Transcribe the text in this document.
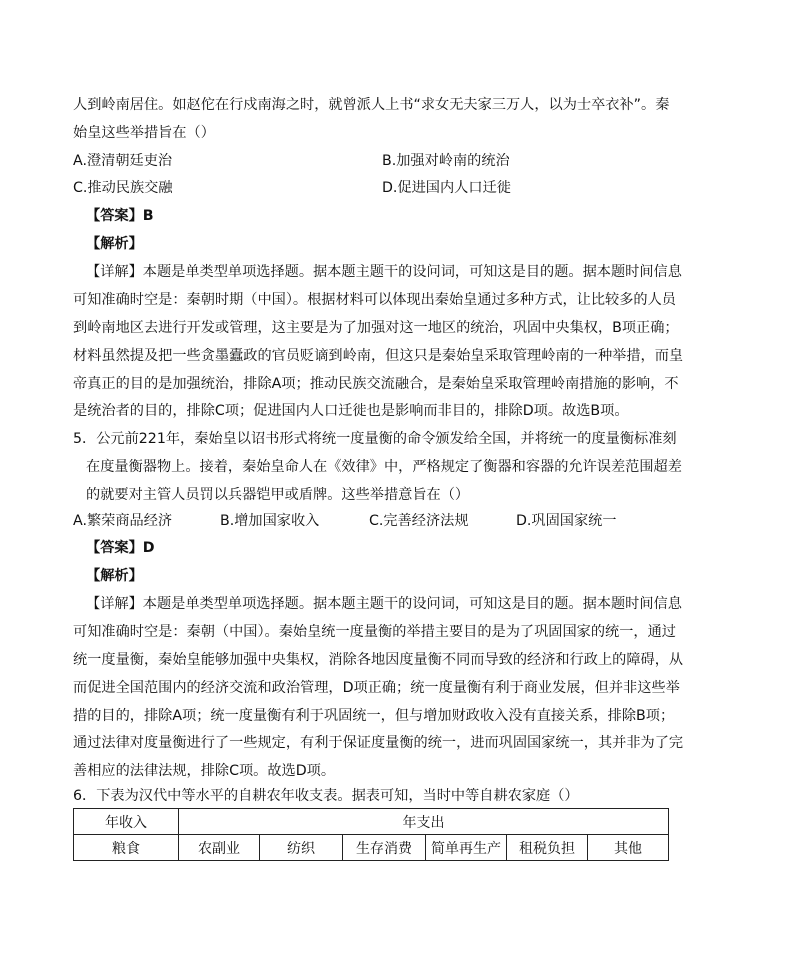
人到岭南居住。如赵佗在行戍南海之时，就曾派人上书“求女无夫家三万人，以为士卒衣补”。秦
始皇这些举措旨在（）
A.澄清朝廷吏治	B.加强对岭南的统治
C.推动民族交融	D.促进国内人口迁徙
【答案】B
【解析】
【详解】本题是单类型单项选择题。据本题主题干的设问词，可知这是目的题。据本题时间信息
可知准确时空是：秦朝时期（中国）。根据材料可以体现出秦始皇通过多种方式，让比较多的人员
到岭南地区去进行开发或管理，这主要是为了加强对这一地区的统治，巩固中央集权，B项正确；
材料虽然提及把一些贪墨蠹政的官员贬谪到岭南，但这只是秦始皇采取管理岭南的一种举措，而皇
帝真正的目的是加强统治，排除A项；推动民族交流融合，是秦始皇采取管理岭南措施的影响，不
是统治者的目的，排除C项；促进国内人口迁徙也是影响而非目的，排除D项。故选B项。
5．公元前221年，秦始皇以诏书形式将统一度量衡的命令颁发给全国，并将统一的度量衡标准刻
在度量衡器物上。接着，秦始皇命人在《效律》中，严格规定了衡器和容器的允许误差范围超差
的就要对主管人员罚以兵器铠甲或盾牌。这些举措意旨在（）
A.繁荣商品经济	B.增加国家收入	C.完善经济法规	D.巩固国家统一
【答案】D
【解析】
【详解】本题是单类型单项选择题。据本题主题干的设问词，可知这是目的题。据本题时间信息
可知准确时空是：秦朝（中国）。秦始皇统一度量衡的举措主要目的是为了巩固国家的统一，通过
统一度量衡，秦始皇能够加强中央集权，消除各地因度量衡不同而导致的经济和行政上的障碍，从
而促进全国范围内的经济交流和政治管理，D项正确；统一度量衡有利于商业发展，但并非这些举
措的目的，排除A项；统一度量衡有利于巩固统一，但与增加财政收入没有直接关系，排除B项；
通过法律对度量衡进行了一些规定，有利于保证度量衡的统一，进而巩固国家统一，其并非为了完
善相应的法律法规，排除C项。故选D项。
6．下表为汉代中等水平的自耕农年收支表。据表可知，当时中等自耕农家庭（）
年收入	年支出					
粮食	农副业	纺织	生存消费	简单再生产	租税负担	其他
